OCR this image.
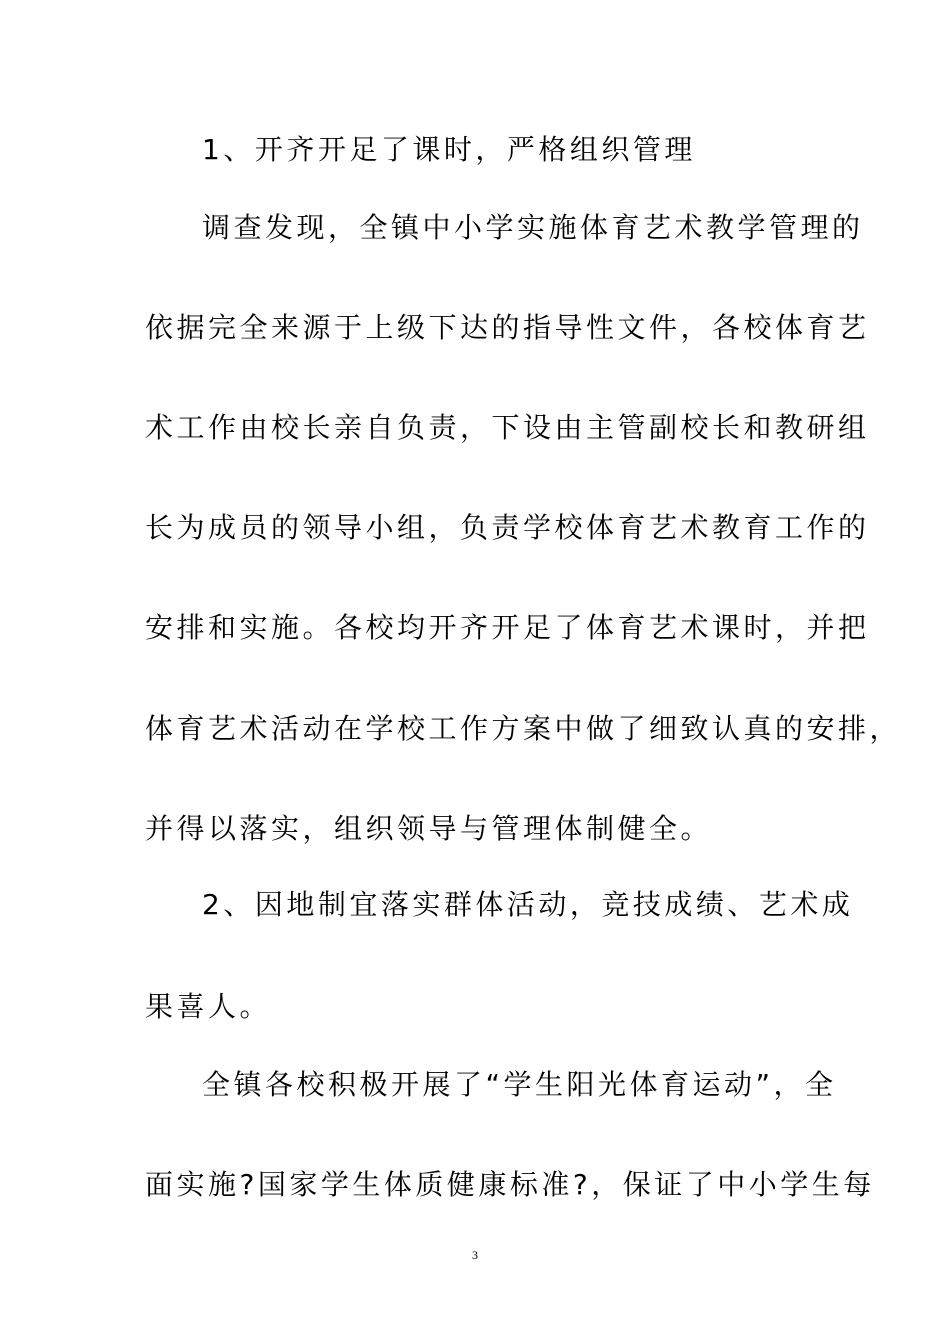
1、开齐开足了课时，严格组织管理
调查发现，全镇中小学实施体育艺术教学管理的
依据完全来源于上级下达的指导性文件，各校体育艺
术工作由校长亲自负责，下设由主管副校长和教研组
长为成员的领导小组，负责学校体育艺术教育工作的
安排和实施。各校均开齐开足了体育艺术课时，并把
体育艺术活动在学校工作方案中做了细致认真的安排，
并得以落实，组织领导与管理体制健全。
2、因地制宜落实群体活动，竞技成绩、艺术成
果喜人。
全镇各校积极开展了“学生阳光体育运动”，全
面实施?国家学生体质健康标准?，保证了中小学生每
3
